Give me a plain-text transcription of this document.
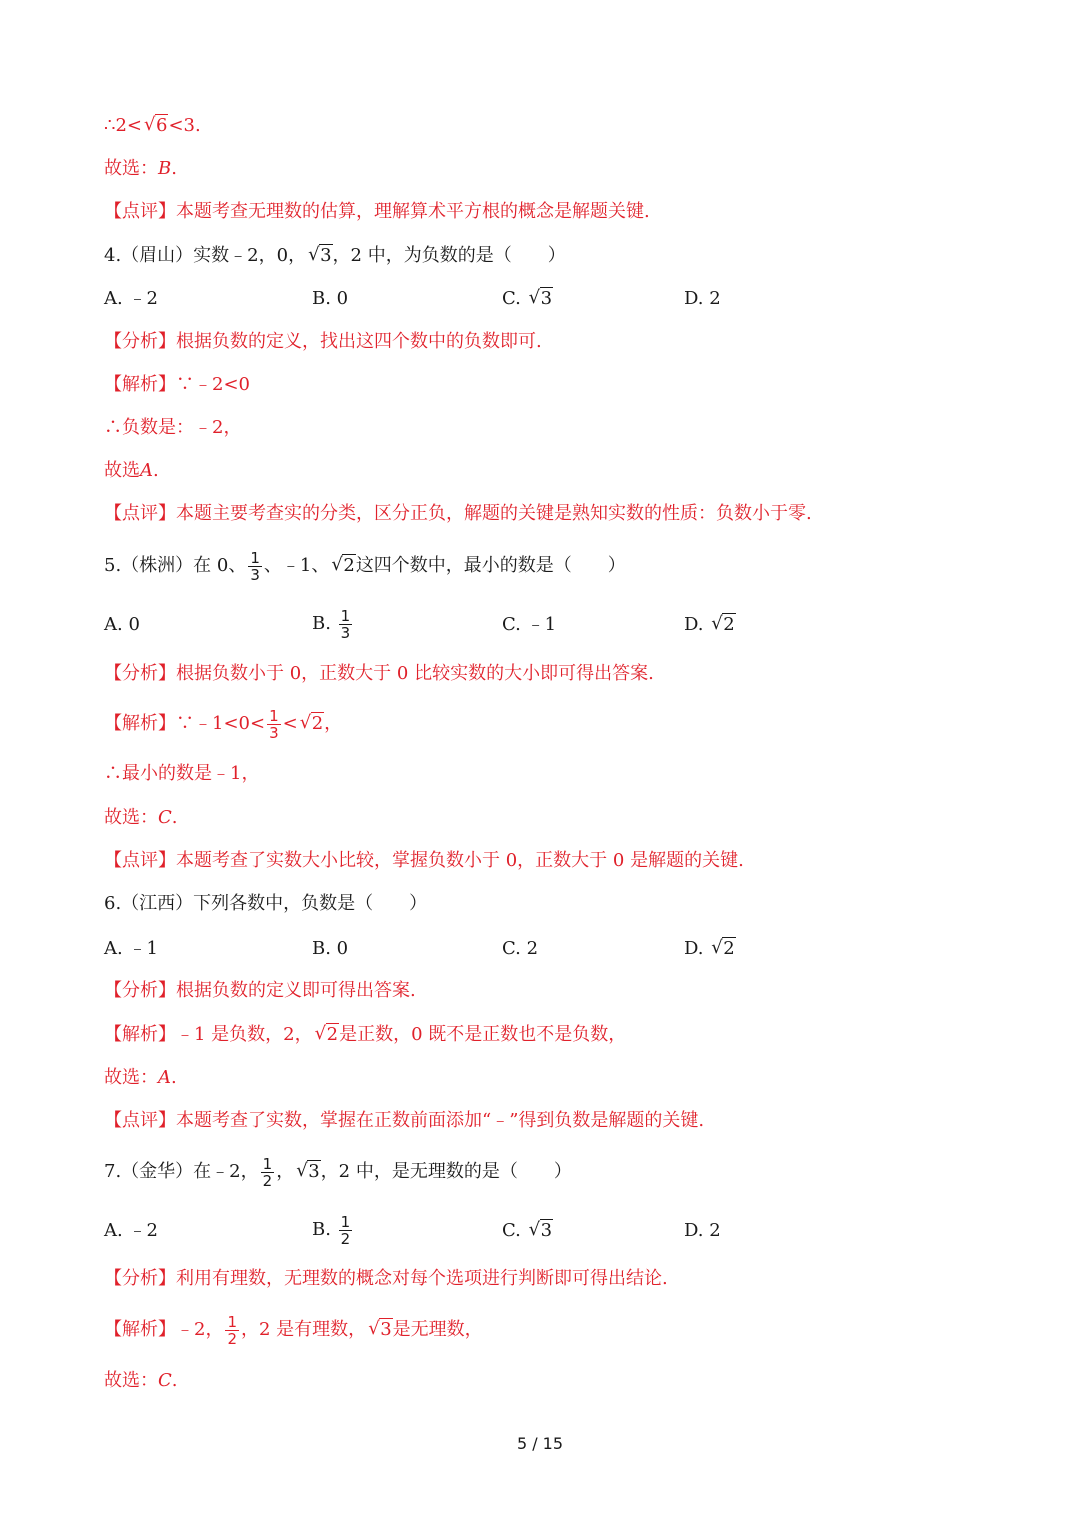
∴2< √ 6<3.
故选：B.
【点评】本题考查无理数的估算，理解算术平方根的概念是解题关键.
4.（眉山）实数﹣2，0， √ 3，2 中，为负数的是（　　）
A. ﹣2	B. 0	C. √ 3	D. 2
【分析】根据负数的定义，找出这四个数中的负数即可.
【解析】∵﹣2<0
∴负数是：﹣2，
故选A.
【点评】本题主要考查实的分类，区分正负，解题的关键是熟知实数的性质：负数小于零.
5.（株洲）在 0、 $\frac{1}{3}$ 、﹣1、 √ 2这四个数中，最小的数是（　　）
A. 0	B. $\frac{1}{3}$	C. ﹣1	D. √ 2
【分析】根据负数小于 0，正数大于 0 比较实数的大小即可得出答案.
【解析】∵﹣1<0< $\frac{1}{3}$ < √ 2，
∴最小的数是﹣1，
故选：C.
【点评】本题考查了实数大小比较，掌握负数小于 0，正数大于 0 是解题的关键.
6.（江西）下列各数中，负数是（　　）
A. ﹣1	B. 0	C. 2	D. √ 2
【分析】根据负数的定义即可得出答案.
【解析】﹣1 是负数，2， √ 2是正数，0 既不是正数也不是负数，
故选：A.
【点评】本题考查了实数，掌握在正数前面添加“﹣”得到负数是解题的关键.
7.（金华）在﹣2， $\frac{1}{2}$ ， √ 3，2 中，是无理数的是（　　）
A. ﹣2	B. $\frac{1}{2}$	C. √ 3	D. 2
【分析】利用有理数，无理数的概念对每个选项进行判断即可得出结论.
【解析】﹣2， $\frac{1}{2}$ ，2 是有理数， √ 3是无理数，
故选：C.
5 / 15
